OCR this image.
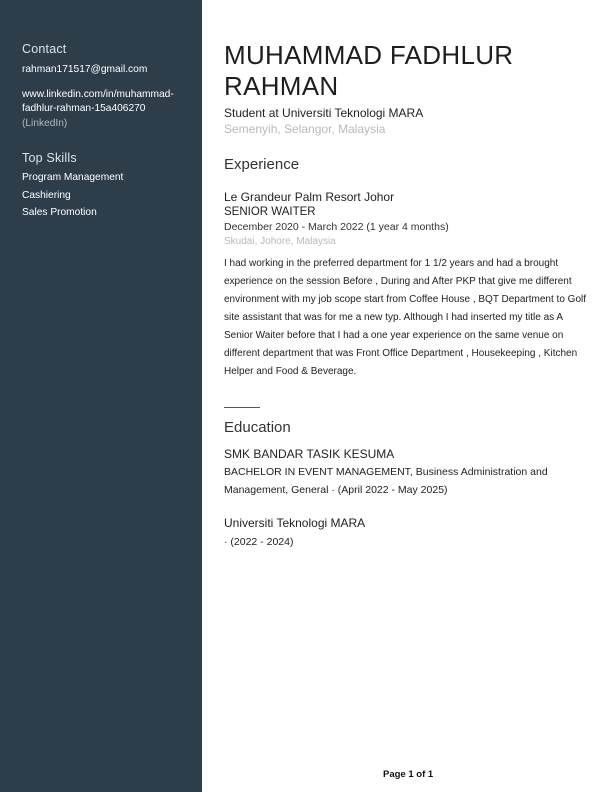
Contact
rahman171517@gmail.com
www.linkedin.com/in/muhammad-
fadhlur-rahman-15a406270
(LinkedIn)
Top Skills
Program Management
Cashiering
Sales Promotion
MUHAMMAD FADHLUR
RAHMAN
Student at Universiti Teknologi MARA
Semenyih, Selangor, Malaysia
Experience
Le Grandeur Palm Resort Johor
SENIOR WAITER
December 2020 - March 2022 (1 year 4 months)
Skudai, Johore, Malaysia
I had working in the preferred department for 1 1/2 years and had a brought experience on the session Before , During and After PKP that give me different environment with my job scope start from Coffee House , BQT Department to Golf site assistant that was for me a new typ. Although I had inserted my title as A Senior Waiter before that I had a one year experience on the same venue on different department that was Front Office Department , Housekeeping , Kitchen Helper and Food & Beverage.
Education
SMK BANDAR TASIK KESUMA
BACHELOR IN EVENT MANAGEMENT, Business Administration and
Management, General · (April 2022 - May 2025)
Universiti Teknologi MARA
· (2022 - 2024)
Page 1 of 1
